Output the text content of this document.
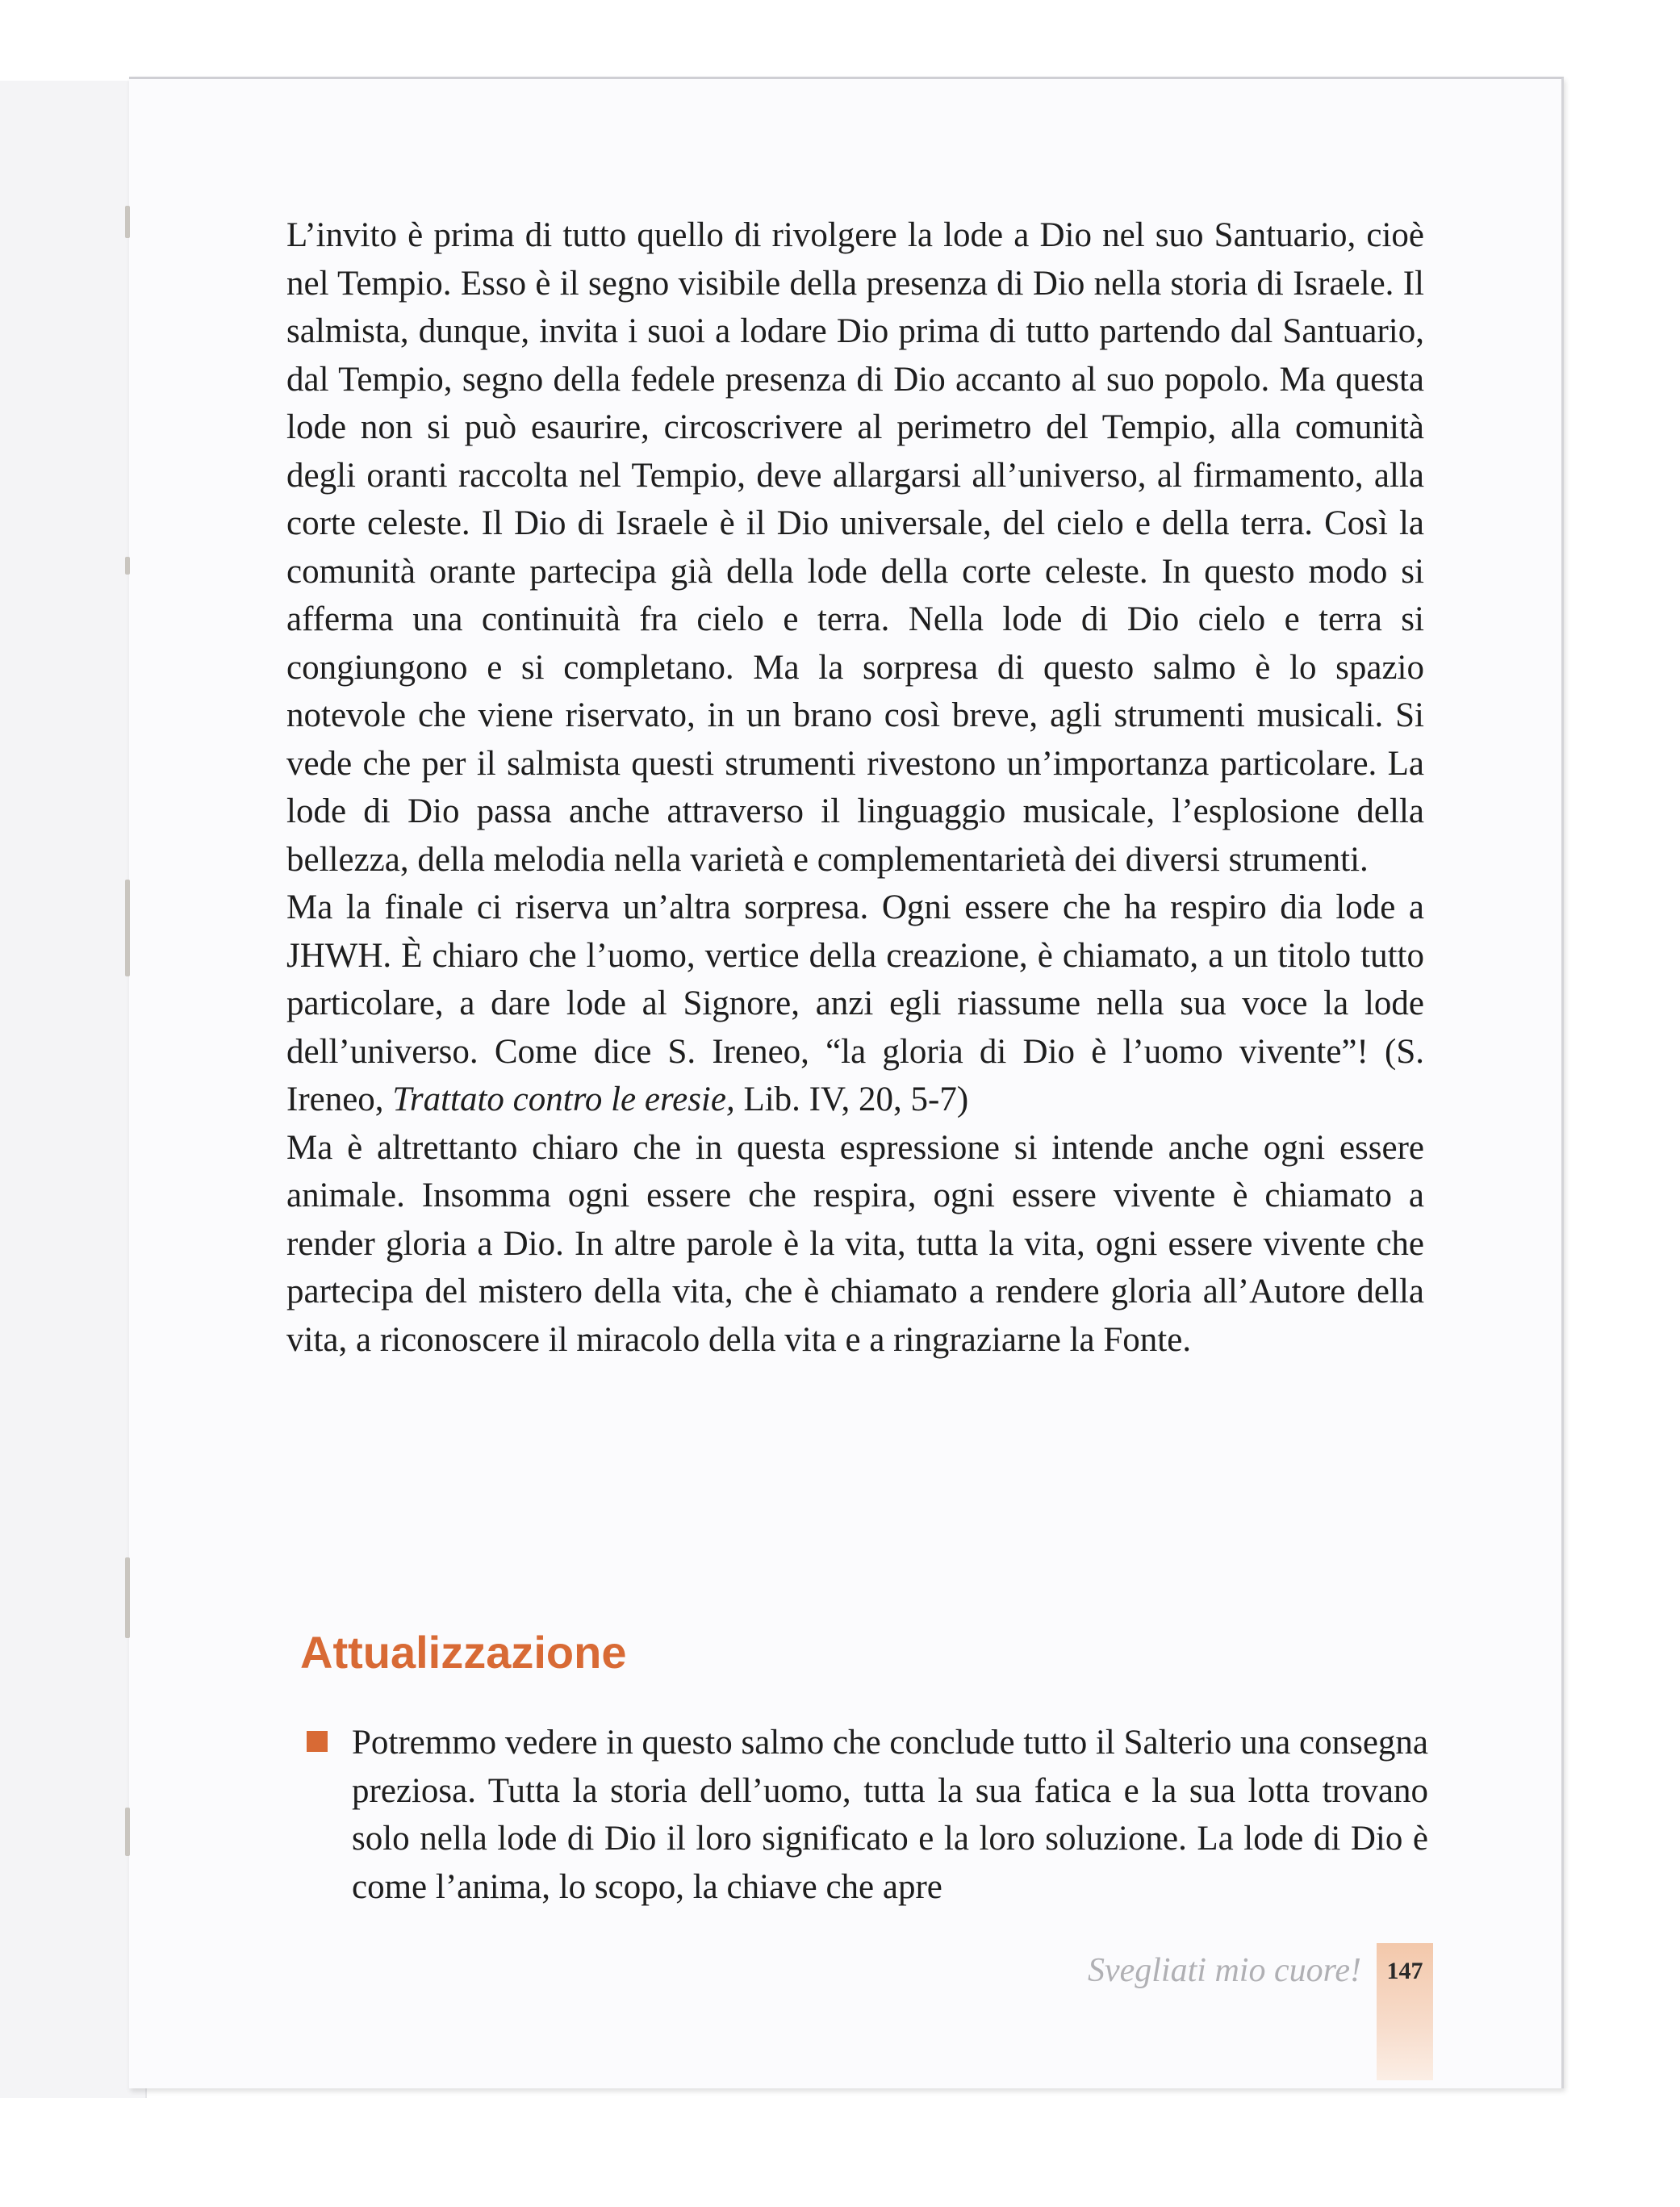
L’invito è prima di tutto quello di rivolgere la lode a Dio nel suo Santuario, cioè nel Tempio. Esso è il segno visibile della presenza di Dio nella storia di Israele. Il salmista, dunque, invita i suoi a lodare Dio prima di tutto partendo dal Santuario, dal Tempio, segno della fedele presenza di Dio accanto al suo popolo. Ma questa lode non si può esaurire, circoscrivere al perimetro del Tempio, alla comunità degli oranti raccolta nel Tempio, deve allargarsi all’universo, al firmamento, alla corte celeste. Il Dio di Israele è il Dio universale, del cielo e della terra. Così la comunità orante partecipa già della lode della corte celeste. In questo modo si afferma una continuità fra cielo e terra. Nella lode di Dio cielo e terra si congiungono e si completano. Ma la sorpresa di questo salmo è lo spazio notevole che viene riservato, in un brano così breve, agli strumenti musicali. Si vede che per il salmista questi strumenti rivestono un’importanza particolare. La lode di Dio passa anche attraverso il linguaggio musicale, l’esplosione della bellezza, della melodia nella varietà e complementarietà dei diversi strumenti.

Ma la finale ci riserva un’altra sorpresa. Ogni essere che ha respiro dia lode a JHWH. È chiaro che l’uomo, vertice della creazione, è chiamato, a un titolo tutto particolare, a dare lode al Signore, anzi egli riassume nella sua voce la lode dell’universo. Come dice S. Ireneo, “la gloria di Dio è l’uomo vivente”! (S. Ireneo, Trattato contro le eresie, Lib. IV, 20, 5-7)

Ma è altrettanto chiaro che in questa espressione si intende anche ogni essere animale. Insomma ogni essere che respira, ogni essere vivente è chiamato a render gloria a Dio. In altre parole è la vita, tutta la vita, ogni essere vivente che partecipa del mistero della vita, che è chiamato a rendere gloria all’Autore della vita, a riconoscere il miracolo della vita e a ringraziarne la Fonte.

Attualizzazione

Potremmo vedere in questo salmo che conclude tutto il Salterio una consegna preziosa. Tutta la storia dell’uomo, tutta la sua fatica e la sua lotta trovano solo nella lode di Dio il loro significato e la loro soluzione. La lode di Dio è come l’anima, lo scopo, la chiave che apre

Svegliati mio cuore!	147
